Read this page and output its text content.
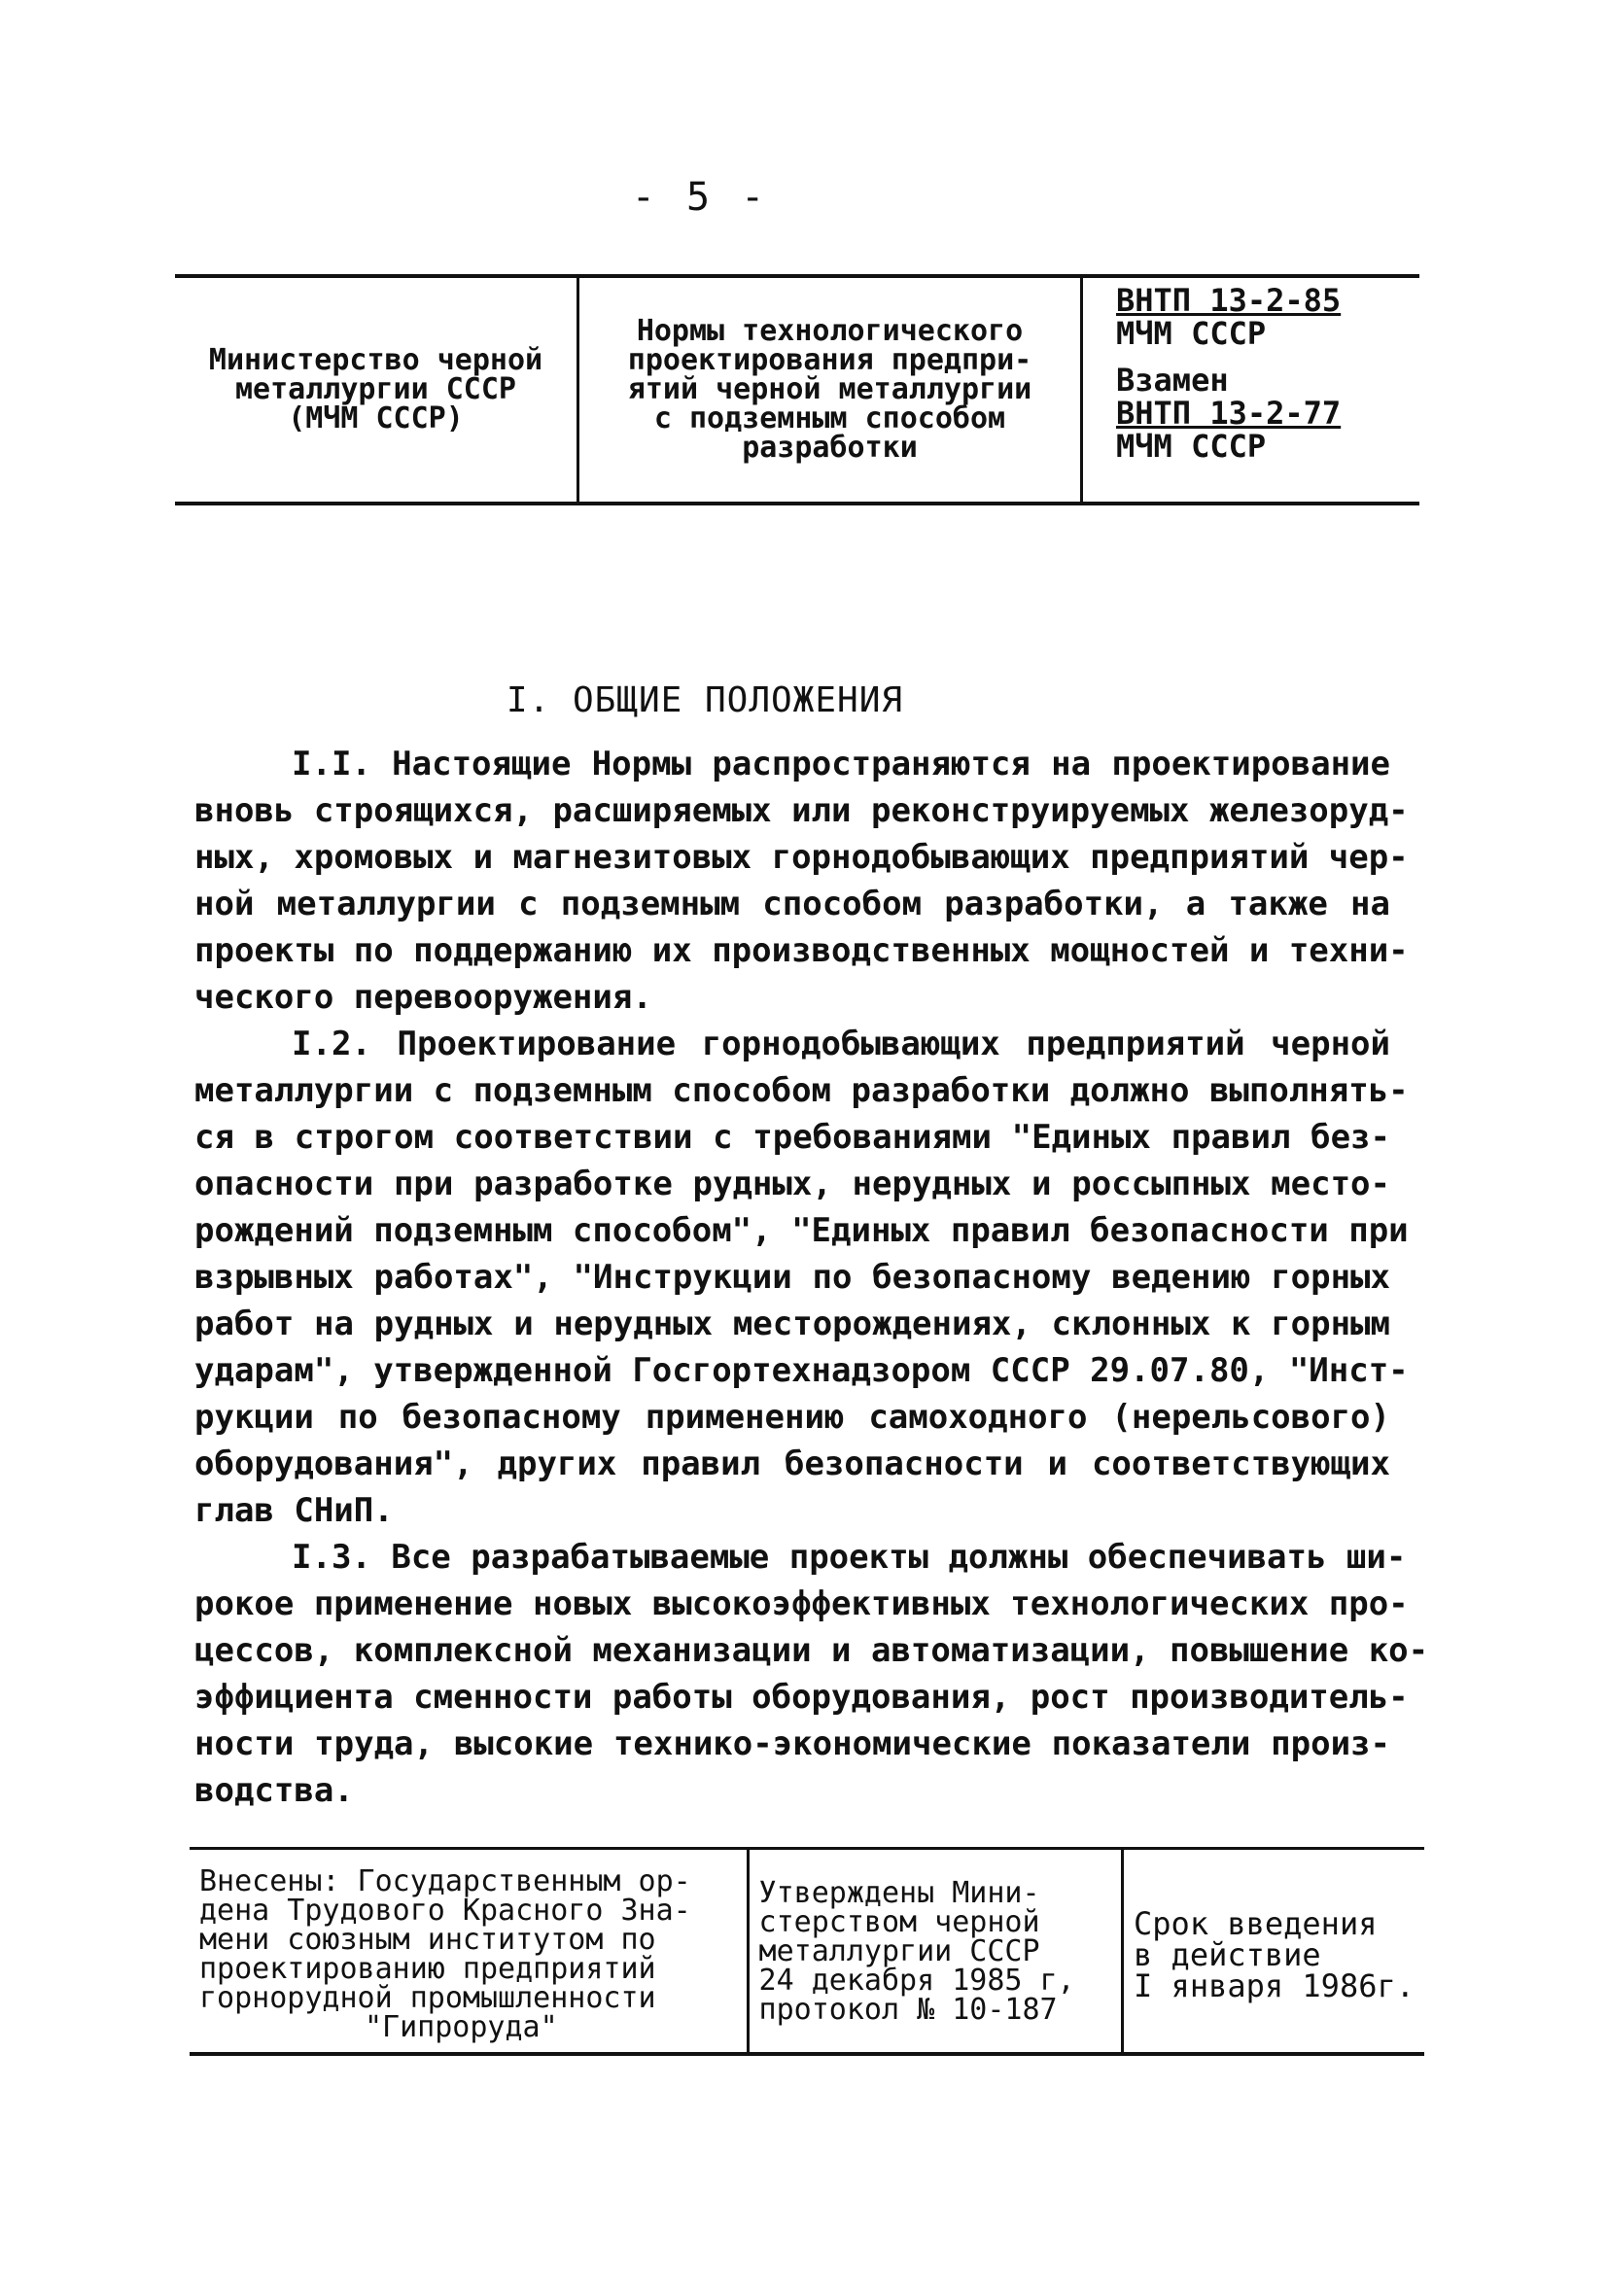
- 5 -
Министерство черной
металлургии СССР
(МЧМ СССР)
Нормы технологического
проектирования предпри-
ятий черной металлургии
с подземным способом
разработки
ВНТП 13-2-85
МЧМ СССР
Взамен
ВНТП 13-2-77
МЧМ СССР
I. ОБЩИЕ ПОЛОЖЕНИЯ
I.I. Настоящие Нормы распространяются на проектирование
вновь строящихся, расширяемых или реконструируемых железоруд-
ных, хромовых и магнезитовых горнодобывающих предприятий чер-
ной металлургии с подземным способом разработки, а также на
проекты по поддержанию их производственных мощностей и техни-
ческого перевооружения.
I.2. Проектирование горнодобывающих предприятий черной
металлургии с подземным способом разработки должно выполнять-
ся в строгом соответствии с требованиями "Единых правил без-
опасности при разработке рудных, нерудных и россыпных место-
рождений подземным способом", "Единых правил безопасности при
взрывных работах", "Инструкции по безопасному ведению горных
работ на рудных и нерудных месторождениях, склонных к горным
ударам", утвержденной Госгортехнадзором СССР 29.07.80, "Инст-
рукции по безопасному применению самоходного (нерельсового)
оборудования", других правил безопасности и соответствующих
глав СНиП.
I.3. Все разрабатываемые проекты должны обеспечивать ши-
рокое применение новых высокоэффективных технологических про-
цессов, комплексной механизации и автоматизации, повышение ко-
эффициента сменности работы оборудования, рост производитель-
ности труда, высокие технико-экономические показатели произ-
водства.
Внесены: Государственным ор-
дена Трудового Красного Зна-
мени союзным институтом по
проектированию предприятий
горнорудной промышленности
"Гипроруда"
Утверждены Мини-
стерством черной
металлургии СССР
24 декабря 1985 г,
протокол № 10-187
Срок введения
в действие
I января 1986г.
